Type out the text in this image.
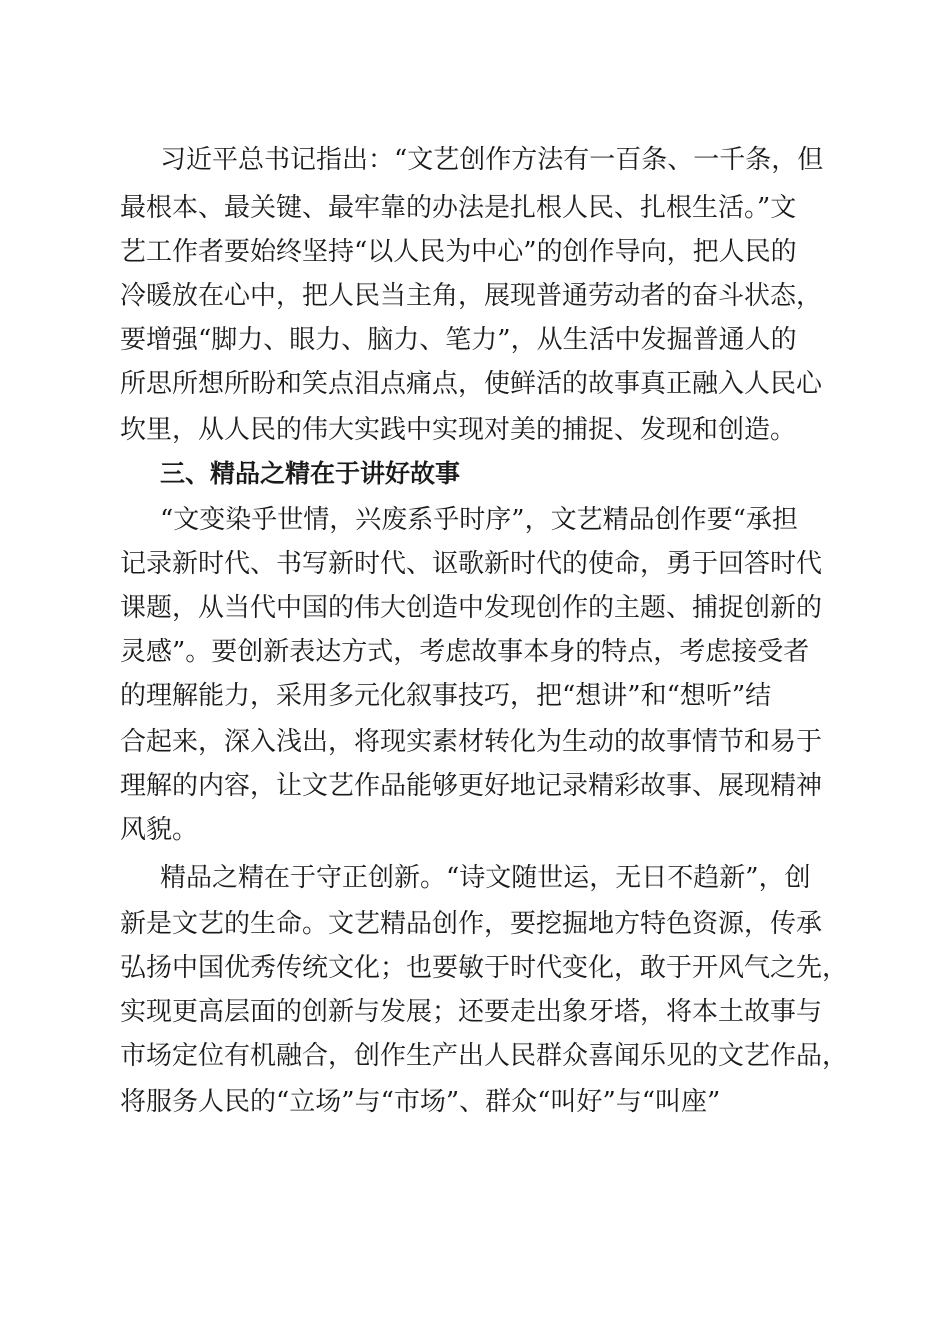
习近平总书记指出：“文艺创作方法有一百条、一千条，但
最根本、最关键、最牢靠的办法是扎根人民、扎根生活。”文
艺工作者要始终坚持“以人民为中心”的创作导向，把人民的
冷暖放在心中，把人民当主角，展现普通劳动者的奋斗状态，
要增强“脚力、眼力、脑力、笔力”，从生活中发掘普通人的
所思所想所盼和笑点泪点痛点，使鲜活的故事真正融入人民心
坎里，从人民的伟大实践中实现对美的捕捉、发现和创造。
三、精品之精在于讲好故事
“文变染乎世情，兴废系乎时序”，文艺精品创作要“承担
记录新时代、书写新时代、讴歌新时代的使命，勇于回答时代
课题，从当代中国的伟大创造中发现创作的主题、捕捉创新的
灵感”。要创新表达方式，考虑故事本身的特点，考虑接受者
的理解能力，采用多元化叙事技巧，把“想讲”和“想听”结
合起来，深入浅出，将现实素材转化为生动的故事情节和易于
理解的内容，让文艺作品能够更好地记录精彩故事、展现精神
风貌。
精品之精在于守正创新。“诗文随世运，无日不趋新”，创
新是文艺的生命。文艺精品创作，要挖掘地方特色资源，传承
弘扬中国优秀传统文化；也要敏于时代变化，敢于开风气之先，
实现更高层面的创新与发展；还要走出象牙塔，将本土故事与
市场定位有机融合，创作生产出人民群众喜闻乐见的文艺作品，
将服务人民的“立场”与“市场”、群众“叫好”与“叫座”
